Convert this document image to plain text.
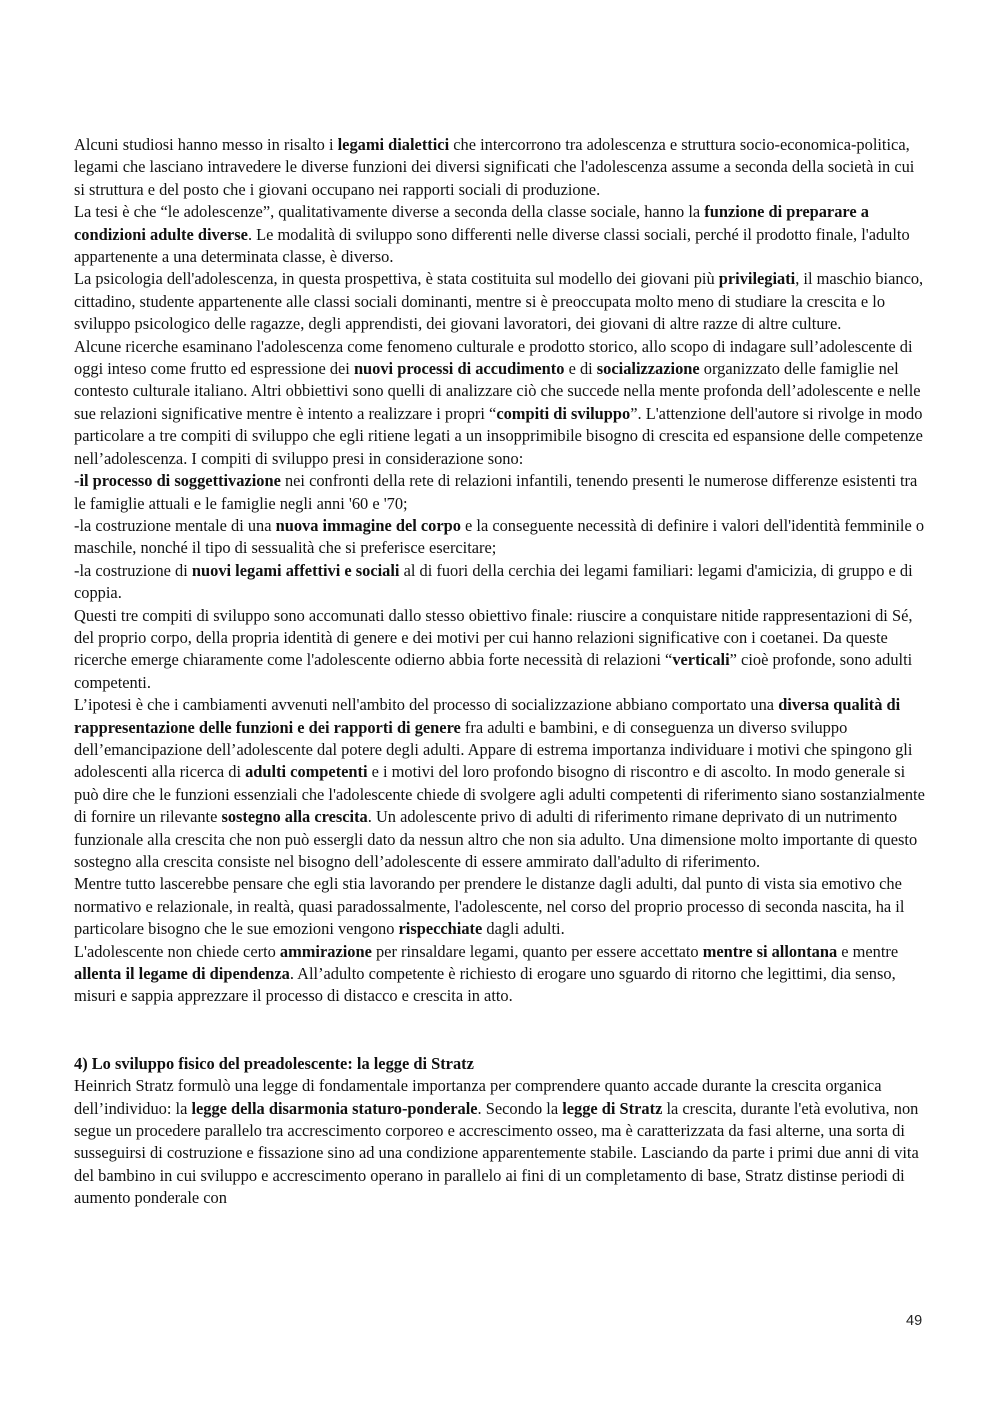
Alcuni studiosi hanno messo in risalto i legami dialettici che intercorrono tra adolescenza e struttura socio-economica-politica, legami che lasciano intravedere le diverse funzioni dei diversi significati che l'adolescenza assume a seconda della società in cui si struttura e del posto che i giovani occupano nei rapporti sociali di produzione.

La tesi è che “le adolescenze”, qualitativamente diverse a seconda della classe sociale, hanno la funzione di preparare a condizioni adulte diverse. Le modalità di sviluppo sono differenti nelle diverse classi sociali, perché il prodotto finale, l'adulto appartenente a una determinata classe, è diverso.

La psicologia dell'adolescenza, in questa prospettiva, è stata costituita sul modello dei giovani più privilegiati, il maschio bianco, cittadino, studente appartenente alle classi sociali dominanti, mentre si è preoccupata molto meno di studiare la crescita e lo sviluppo psicologico delle ragazze, degli apprendisti, dei giovani lavoratori, dei giovani di altre razze di altre culture.

Alcune ricerche esaminano l'adolescenza come fenomeno culturale e prodotto storico, allo scopo di indagare sull’adolescente di oggi inteso come frutto ed espressione dei nuovi processi di accudimento e di socializzazione organizzato delle famiglie nel contesto culturale italiano. Altri obbiettivi sono quelli di analizzare ciò che succede nella mente profonda dell’adolescente e nelle sue relazioni significative mentre è intento a realizzare i propri “compiti di sviluppo”. L'attenzione dell'autore si rivolge in modo particolare a tre compiti di sviluppo che egli ritiene legati a un insopprimibile bisogno di crescita ed espansione delle competenze nell’adolescenza. I compiti di sviluppo presi in considerazione sono:

-il processo di soggettivazione nei confronti della rete di relazioni infantili, tenendo presenti le numerose differenze esistenti tra le famiglie attuali e le famiglie negli anni '60 e '70;

-la costruzione mentale di una nuova immagine del corpo e la conseguente necessità di definire i valori dell'identità femminile o maschile, nonché il tipo di sessualità che si preferisce esercitare;

-la costruzione di nuovi legami affettivi e sociali al di fuori della cerchia dei legami familiari: legami d'amicizia, di gruppo e di coppia.

Questi tre compiti di sviluppo sono accomunati dallo stesso obiettivo finale: riuscire a conquistare nitide rappresentazioni di Sé, del proprio corpo, della propria identità di genere e dei motivi per cui hanno relazioni significative con i coetanei. Da queste ricerche emerge chiaramente come l'adolescente odierno abbia forte necessità di relazioni “verticali” cioè profonde, sono adulti competenti.

L’ipotesi è che i cambiamenti avvenuti nell'ambito del processo di socializzazione abbiano comportato una diversa qualità di rappresentazione delle funzioni e dei rapporti di genere fra adulti e bambini, e di conseguenza un diverso sviluppo dell’emancipazione dell’adolescente dal potere degli adulti. Appare di estrema importanza individuare i motivi che spingono gli adolescenti alla ricerca di adulti competenti e i motivi del loro profondo bisogno di riscontro e di ascolto. In modo generale si può dire che le funzioni essenziali che l'adolescente chiede di svolgere agli adulti competenti di riferimento siano sostanzialmente di fornire un rilevante sostegno alla crescita. Un adolescente privo di adulti di riferimento rimane deprivato di un nutrimento funzionale alla crescita che non può essergli dato da nessun altro che non sia adulto. Una dimensione molto importante di questo sostegno alla crescita consiste nel bisogno dell’adolescente di essere ammirato dall'adulto di riferimento.

Mentre tutto lascerebbe pensare che egli stia lavorando per prendere le distanze dagli adulti, dal punto di vista sia emotivo che normativo e relazionale, in realtà, quasi paradossalmente, l'adolescente, nel corso del proprio processo di seconda nascita, ha il particolare bisogno che le sue emozioni vengono rispecchiate dagli adulti.

L'adolescente non chiede certo ammirazione per rinsaldare legami, quanto per essere accettato mentre si allontana e mentre allenta il legame di dipendenza. All’adulto competente è richiesto di erogare uno sguardo di ritorno che legittimi, dia senso, misuri e sappia apprezzare il processo di distacco e crescita in atto.

4) Lo sviluppo fisico del preadolescente: la legge di Stratz

Heinrich Stratz formulò una legge di fondamentale importanza per comprendere quanto accade durante la crescita organica dell’individuo: la legge della disarmonia staturo-ponderale. Secondo la legge di Stratz la crescita, durante l'età evolutiva, non segue un procedere parallelo tra accrescimento corporeo e accrescimento osseo, ma è caratterizzata da fasi alterne, una sorta di susseguirsi di costruzione e fissazione sino ad una condizione apparentemente stabile. Lasciando da parte i primi due anni di vita del bambino in cui sviluppo e accrescimento operano in parallelo ai fini di un completamento di base, Stratz distinse periodi di aumento ponderale con

49
